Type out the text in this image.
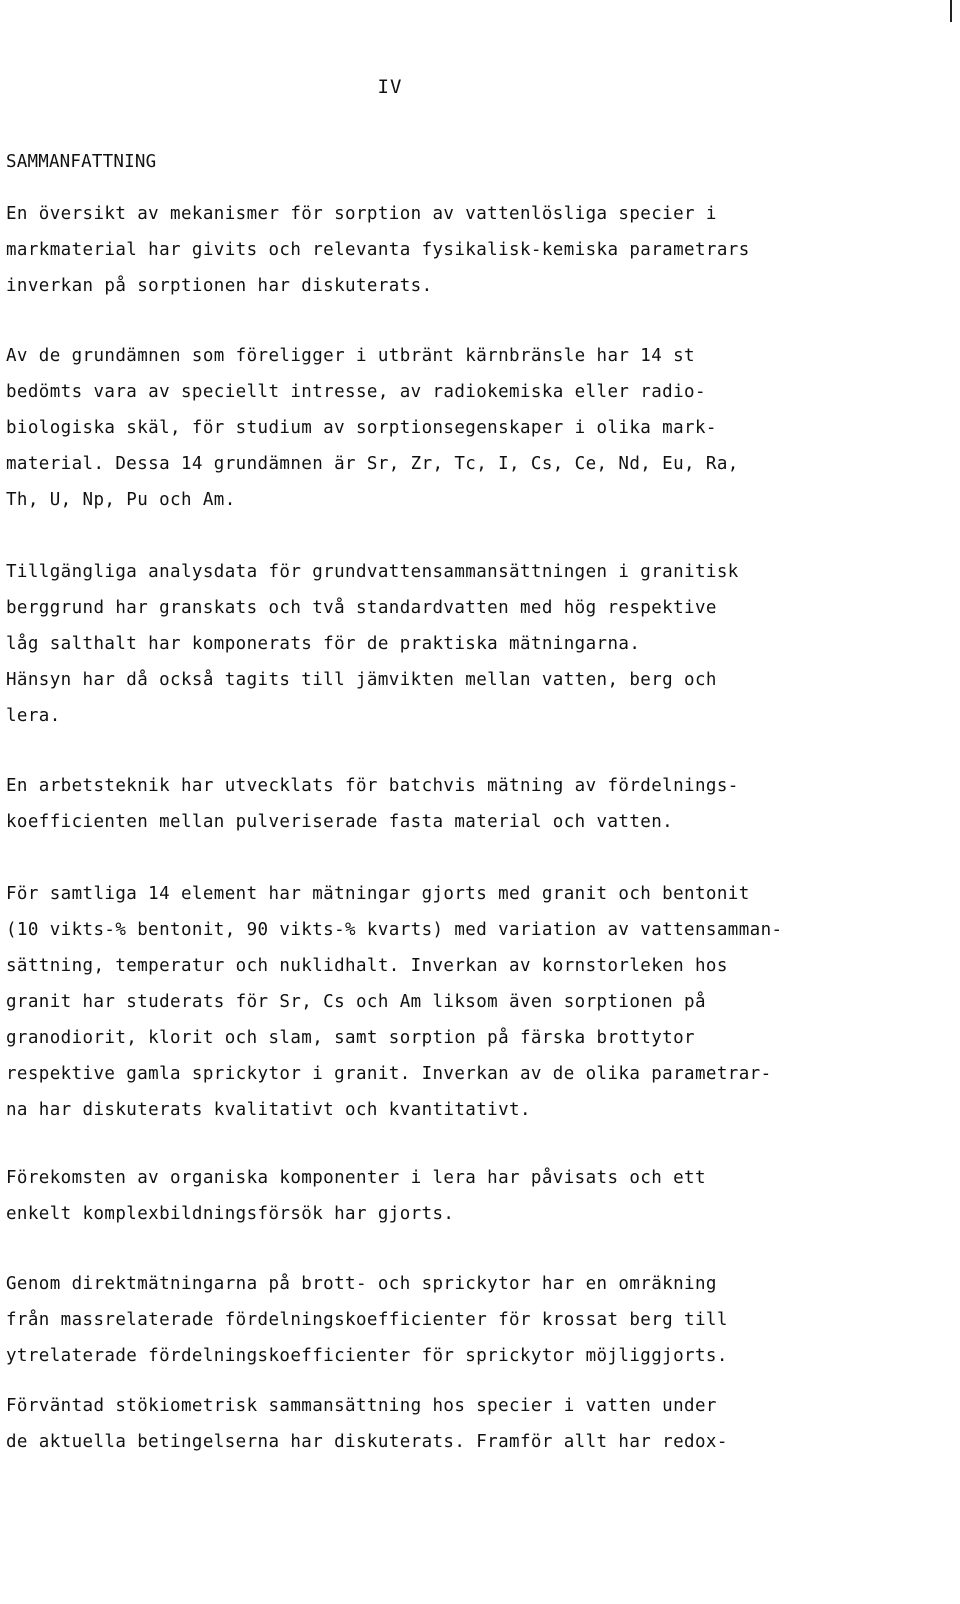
IV
SAMMANFATTNING

En översikt av mekanismer för sorption av vattenlösliga specier i
markmaterial har givits och relevanta fysikalisk-kemiska parametrars
inverkan på sorptionen har diskuterats.

Av de grundämnen som föreligger i utbränt kärnbränsle har 14 st
bedömts vara av speciellt intresse, av radiokemiska eller radio-
biologiska skäl, för studium av sorptionsegenskaper i olika mark-
material. Dessa 14 grundämnen är Sr, Zr, Tc, I, Cs, Ce, Nd, Eu, Ra,
Th, U, Np, Pu och Am.

Tillgängliga analysdata för grundvattensammansättningen i granitisk
berggrund har granskats och två standardvatten med hög respektive
låg salthalt har komponerats för de praktiska mätningarna.
Hänsyn har då också tagits till jämvikten mellan vatten, berg och
lera.

En arbetsteknik har utvecklats för batchvis mätning av fördelnings-
koefficienten mellan pulveriserade fasta material och vatten.

För samtliga 14 element har mätningar gjorts med granit och bentonit
(10 vikts-% bentonit, 90 vikts-% kvarts) med variation av vattensamman-
sättning, temperatur och nuklidhalt. Inverkan av kornstorleken hos
granit har studerats för Sr, Cs och Am liksom även sorptionen på
granodiorit, klorit och slam, samt sorption på färska brottytor
respektive gamla sprickytor i granit. Inverkan av de olika parametrar-
na har diskuterats kvalitativt och kvantitativt.

Förekomsten av organiska komponenter i lera har påvisats och ett
enkelt komplexbildningsförsök har gjorts.

Genom direktmätningarna på brott- och sprickytor har en omräkning
från massrelaterade fördelningskoefficienter för krossat berg till
ytrelaterade fördelningskoefficienter för sprickytor möjliggjorts.

Förväntad stökiometrisk sammansättning hos specier i vatten under
de aktuella betingelserna har diskuterats. Framför allt har redox-
